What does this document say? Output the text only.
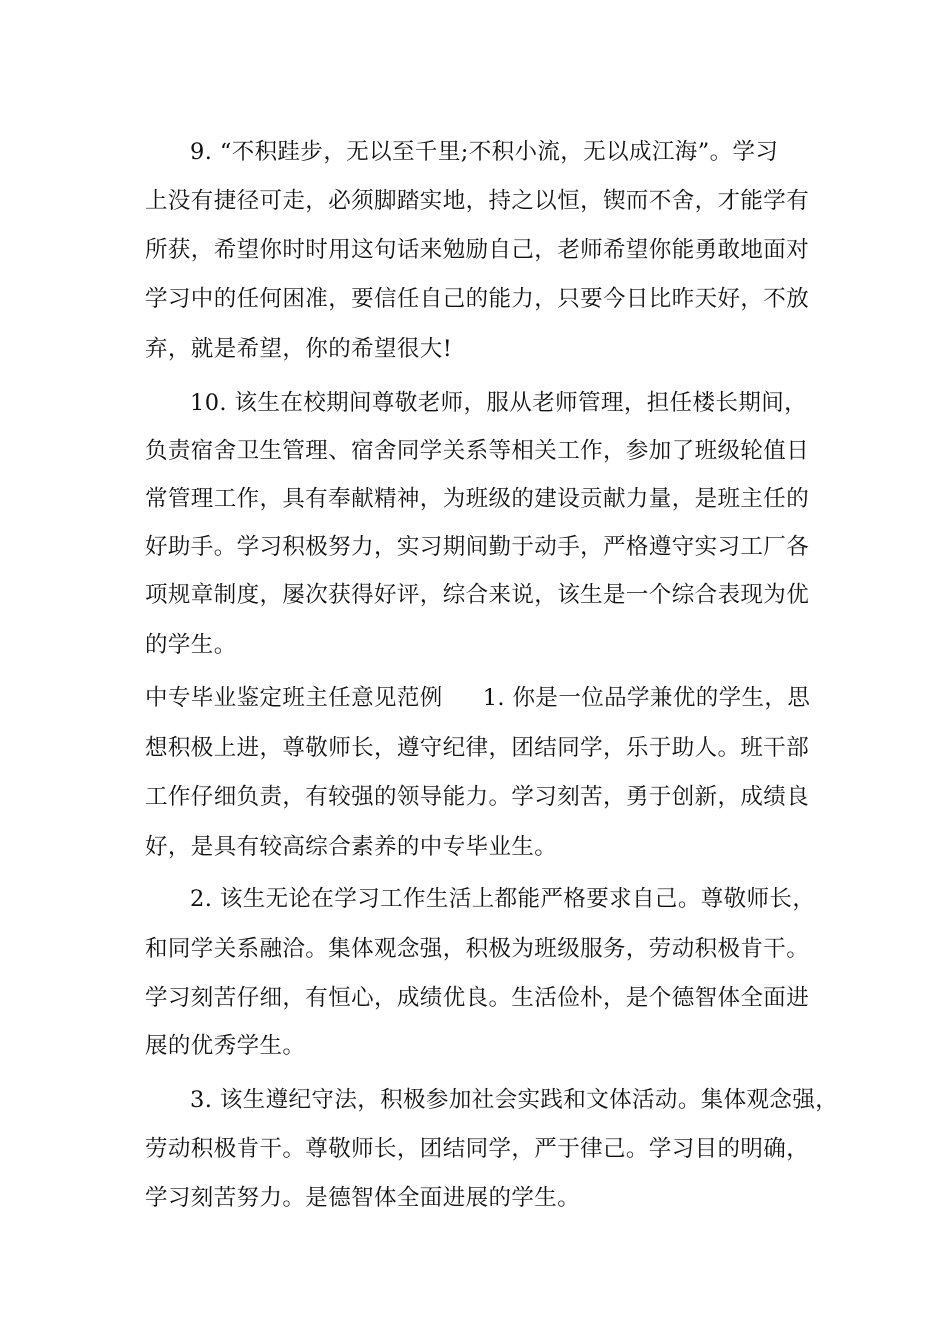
9. “不积跬步，无以至千里;不积小流，无以成江海”。学习
上没有捷径可走，必须脚踏实地，持之以恒，锲而不舍，才能学有
所获，希望你时时用这句话来勉励自己，老师希望你能勇敢地面对
学习中的任何困准，要信任自己的能力，只要今日比昨天好，不放
弃，就是希望，你的希望很大!
10. 该生在校期间尊敬老师，服从老师管理，担任楼长期间，
负责宿舍卫生管理、宿舍同学关系等相关工作，参加了班级轮值日
常管理工作，具有奉献精神，为班级的建设贡献力量，是班主任的
好助手。学习积极努力，实习期间勤于动手，严格遵守实习工厂各
项规章制度，屡次获得好评，综合来说，该生是一个综合表现为优
的学生。
中专毕业鉴定班主任意见范例 1. 你是一位品学兼优的学生，思
想积极上进，尊敬师长，遵守纪律，团结同学，乐于助人。班干部
工作仔细负责，有较强的领导能力。学习刻苦，勇于创新，成绩良
好，是具有较高综合素养的中专毕业生。
2. 该生无论在学习工作生活上都能严格要求自己。尊敬师长，
和同学关系融洽。集体观念强，积极为班级服务，劳动积极肯干。
学习刻苦仔细，有恒心，成绩优良。生活俭朴，是个德智体全面进
展的优秀学生。
3. 该生遵纪守法，积极参加社会实践和文体活动。集体观念强，
劳动积极肯干。尊敬师长，团结同学，严于律己。学习目的明确，
学习刻苦努力。是德智体全面进展的学生。
